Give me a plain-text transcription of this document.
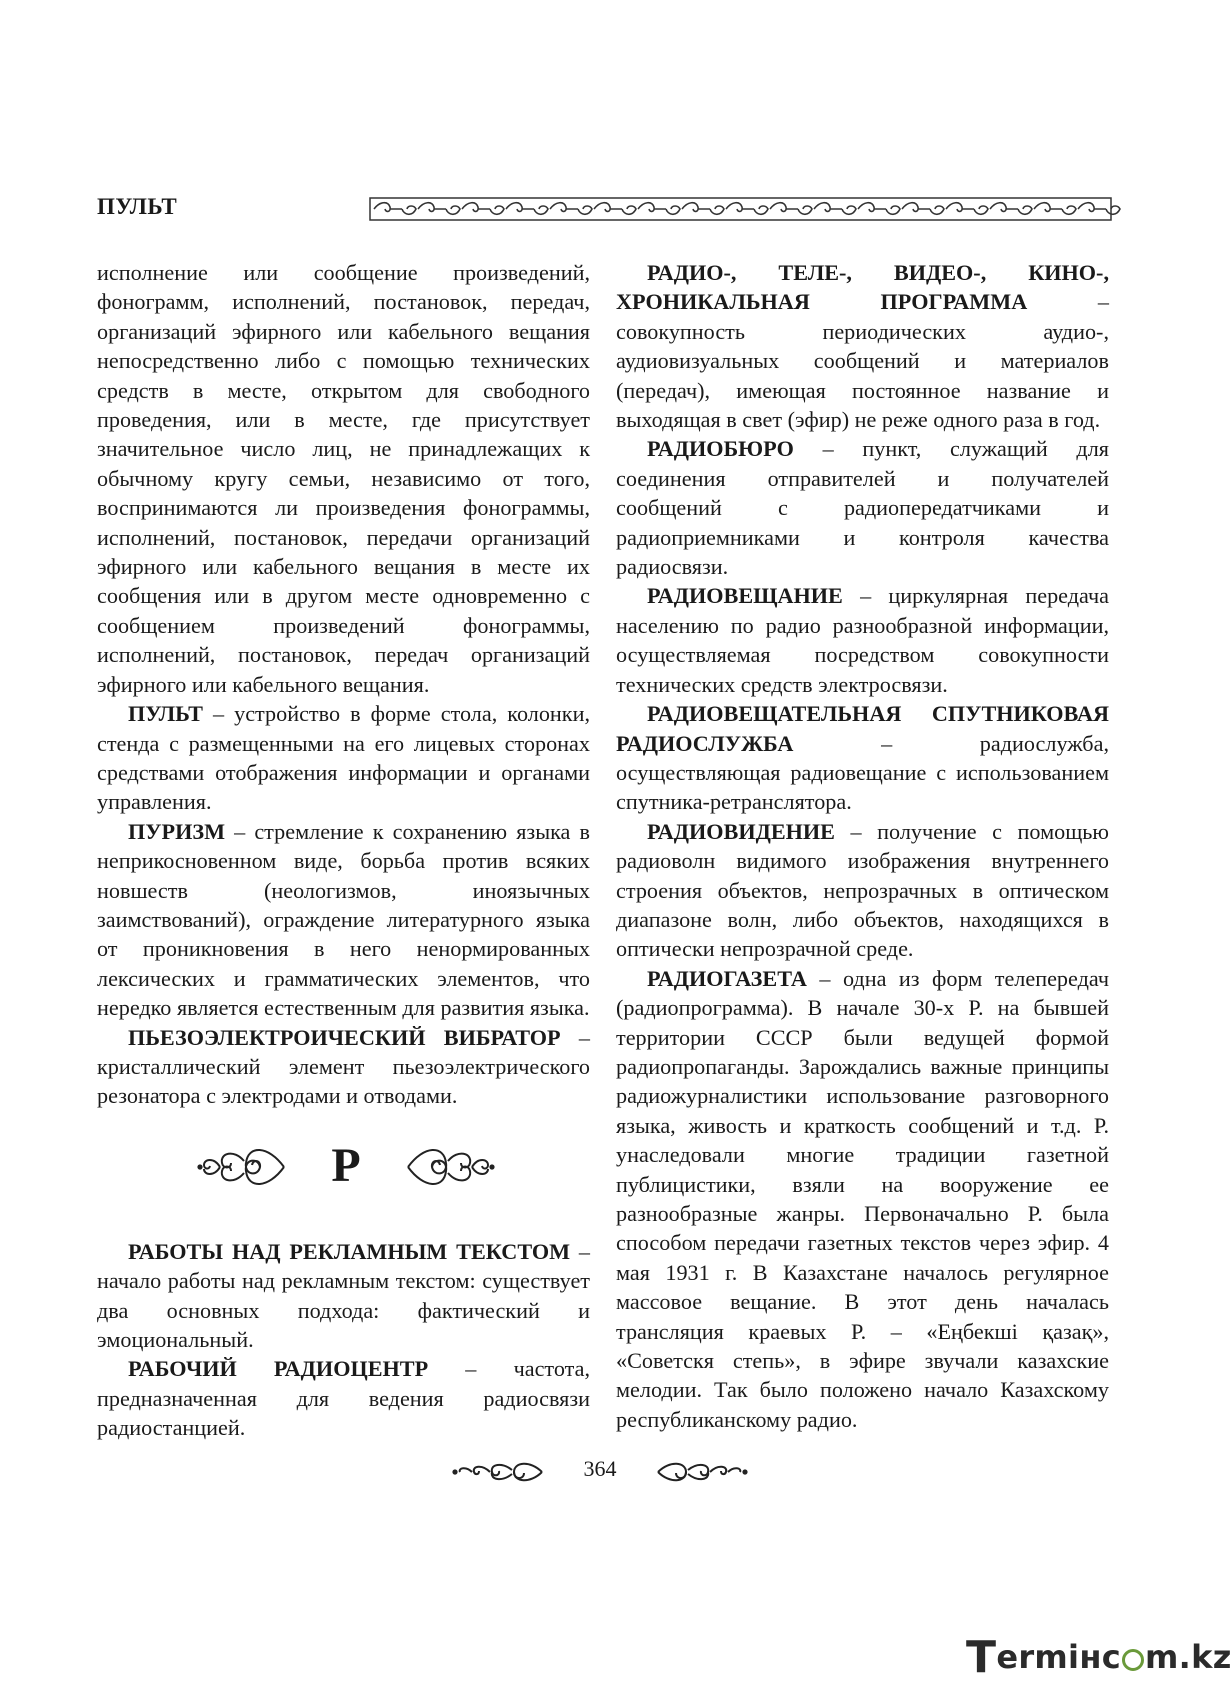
ПУЛЬТ

исполнение или сообщение произведений, фонограмм, исполнений, постановок, передач, организаций эфирного или кабельного вещания непосредственно либо с помощью технических средств в месте, открытом для свободного проведения, или в месте, где присутствует значительное число лиц, не принадлежащих к обычному кругу семьи, независимо от того, воспринимаются ли произведения фонограммы, исполнений, постановок, передачи организаций эфирного или кабельного вещания в месте их сообщения или в другом месте одновременно с сообщением произведений фонограммы, исполнений, постановок, передач организаций эфирного или кабельного вещания.

ПУЛЬТ – устройство в форме стола, колонки, стенда с размещенными на его лицевых сторонах средствами отображения информации и органами управления.

ПУРИЗМ – стремление к сохранению языка в неприкосновенном виде, борьба против всяких новшеств (неологизмов, иноязычных заимствований), ограждение литературного языка от проникновения в него ненормированных лексических и грамматических элементов, что нередко является естественным для развития языка.

ПЬЕЗОЭЛЕКТРОИЧЕСКИЙ ВИБРАТОР – кристаллический элемент пьезоэлектрического резонатора с электродами и отводами.

Р

РАБОТЫ НАД РЕКЛАМНЫМ ТЕКСТОМ – начало работы над рекламным текстом: существует два основных подхода: фактический и эмоциональный.

РАБОЧИЙ РАДИОЦЕНТР – частота, предназначенная для ведения радиосвязи радиостанцией.

РАДИО-, ТЕЛЕ-, ВИДЕО-, КИНО-, ХРОНИКАЛЬНАЯ ПРОГРАММА – совокупность периодических аудио-, аудиовизуальных сообщений и материалов (передач), имеющая постоянное название и выходящая в свет (эфир) не реже одного раза в год.

РАДИОБЮРО – пункт, служащий для соединения отправителей и получателей сообщений с радиопередатчиками и радиоприемниками и контроля качества радиосвязи.

РАДИОВЕЩАНИЕ – циркулярная передача населению по радио разнообразной информации, осуществляемая посредством совокупности технических средств электросвязи.

РАДИОВЕЩАТЕЛЬНАЯ СПУТНИКОВАЯ РАДИОСЛУЖБА – радиослужба, осуществляющая радиовещание с использованием спутника-ретранслятора.

РАДИОВИДЕНИЕ – получение с помощью радиоволн видимого изображения внутреннего строения объектов, непрозрачных в оптическом диапазоне волн, либо объектов, находящихся в оптически непрозрачной среде.

РАДИОГАЗЕТА – одна из форм телепередач (радиопрограмма). В начале 30-х Р. на бывшей территории СССР были ведущей формой радиопропаганды. Зарождались важные принципы радиожурналистики использование разговорного языка, живость и краткость сообщений и т.д. Р. унаследовали многие традиции газетной публицистики, взяли на вооружение ее разнообразные жанры. Первоначально Р. была способом передачи газетных текстов через эфир. 4 мая 1931 г. В Казахстане началось регулярное массовое вещание. В этот день началась трансляция краевых Р. – «Еңбекші қазақ», «Советскя степь», в эфире звучали казахские мелодии. Так было положено начало Казахскому республиканскому радио.

364
Termінc m.kz
